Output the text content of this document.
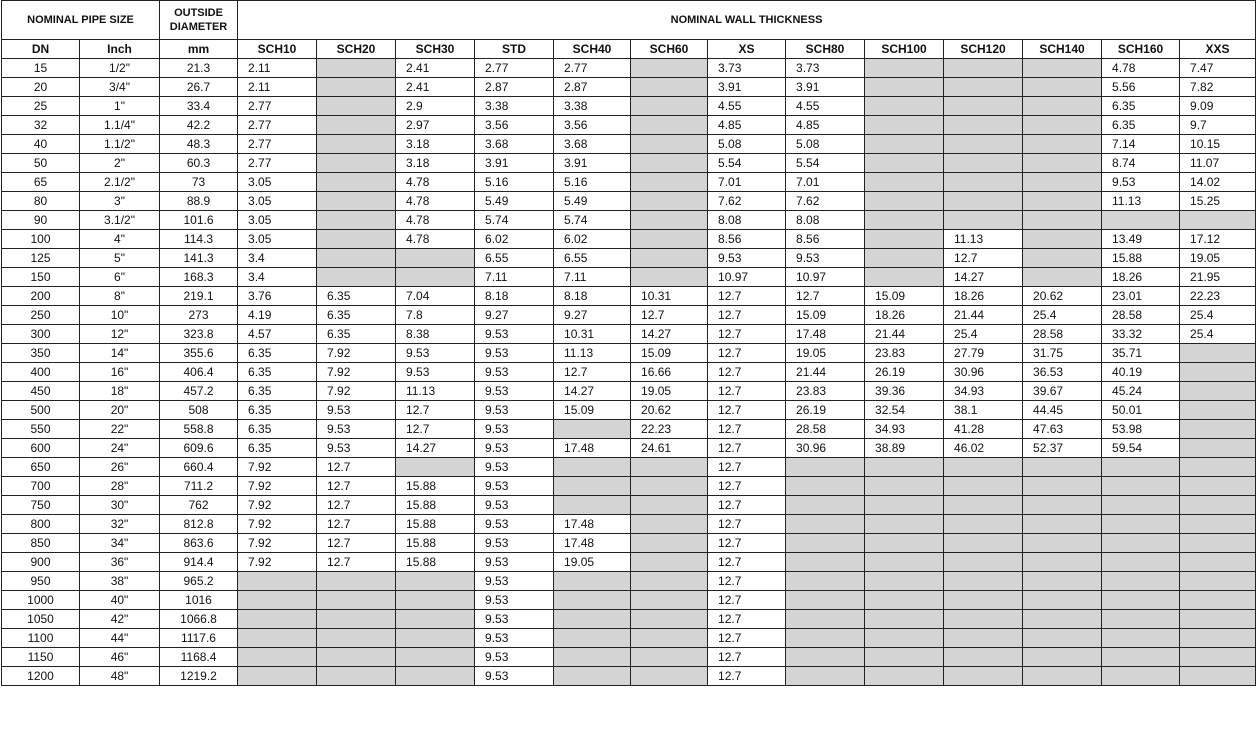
NOMINAL PIPE SIZE		OUTSIDE
DIAMETER	NOMINAL WALL THICKNESS												
DN	Inch	mm	SCH10	SCH20	SCH30	STD	SCH40	SCH60	XS	SCH80	SCH100	SCH120	SCH140	SCH160	XXS
15	1/2"	21.3	2.11		2.41	2.77	2.77		3.73	3.73				4.78	7.47
20	3/4"	26.7	2.11		2.41	2.87	2.87		3.91	3.91				5.56	7.82
25	1"	33.4	2.77		2.9	3.38	3.38		4.55	4.55				6.35	9.09
32	1.1/4"	42.2	2.77		2.97	3.56	3.56		4.85	4.85				6.35	9.7
40	1.1/2"	48.3	2.77		3.18	3.68	3.68		5.08	5.08				7.14	10.15
50	2"	60.3	2.77		3.18	3.91	3.91		5.54	5.54				8.74	11.07
65	2.1/2"	73	3.05		4.78	5.16	5.16		7.01	7.01				9.53	14.02
80	3"	88.9	3.05		4.78	5.49	5.49		7.62	7.62				11.13	15.25
90	3.1/2"	101.6	3.05		4.78	5.74	5.74		8.08	8.08					
100	4"	114.3	3.05		4.78	6.02	6.02		8.56	8.56		11.13		13.49	17.12
125	5"	141.3	3.4			6.55	6.55		9.53	9.53		12.7		15.88	19.05
150	6"	168.3	3.4			7.11	7.11		10.97	10.97		14.27		18.26	21.95
200	8"	219.1	3.76	6.35	7.04	8.18	8.18	10.31	12.7	12.7	15.09	18.26	20.62	23.01	22.23
250	10"	273	4.19	6.35	7.8	9.27	9.27	12.7	12.7	15.09	18.26	21.44	25.4	28.58	25.4
300	12"	323.8	4.57	6.35	8.38	9.53	10.31	14.27	12.7	17.48	21.44	25.4	28.58	33.32	25.4
350	14"	355.6	6.35	7.92	9.53	9.53	11.13	15.09	12.7	19.05	23.83	27.79	31.75	35.71	
400	16"	406.4	6.35	7.92	9.53	9.53	12.7	16.66	12.7	21.44	26.19	30.96	36.53	40.19	
450	18"	457.2	6.35	7.92	11.13	9.53	14.27	19.05	12.7	23.83	39.36	34.93	39.67	45.24	
500	20"	508	6.35	9.53	12.7	9.53	15.09	20.62	12.7	26.19	32.54	38.1	44.45	50.01	
550	22"	558.8	6.35	9.53	12.7	9.53		22.23	12.7	28.58	34.93	41.28	47.63	53.98	
600	24"	609.6	6.35	9.53	14.27	9.53	17.48	24.61	12.7	30.96	38.89	46.02	52.37	59.54	
650	26"	660.4	7.92	12.7		9.53			12.7						
700	28"	711.2	7.92	12.7	15.88	9.53			12.7						
750	30"	762	7.92	12.7	15.88	9.53			12.7						
800	32"	812.8	7.92	12.7	15.88	9.53	17.48		12.7						
850	34"	863.6	7.92	12.7	15.88	9.53	17.48		12.7						
900	36"	914.4	7.92	12.7	15.88	9.53	19.05		12.7						
950	38"	965.2				9.53			12.7						
1000	40"	1016				9.53			12.7						
1050	42"	1066.8				9.53			12.7						
1100	44"	1117.6				9.53			12.7						
1150	46"	1168.4				9.53			12.7						
1200	48"	1219.2				9.53			12.7						
